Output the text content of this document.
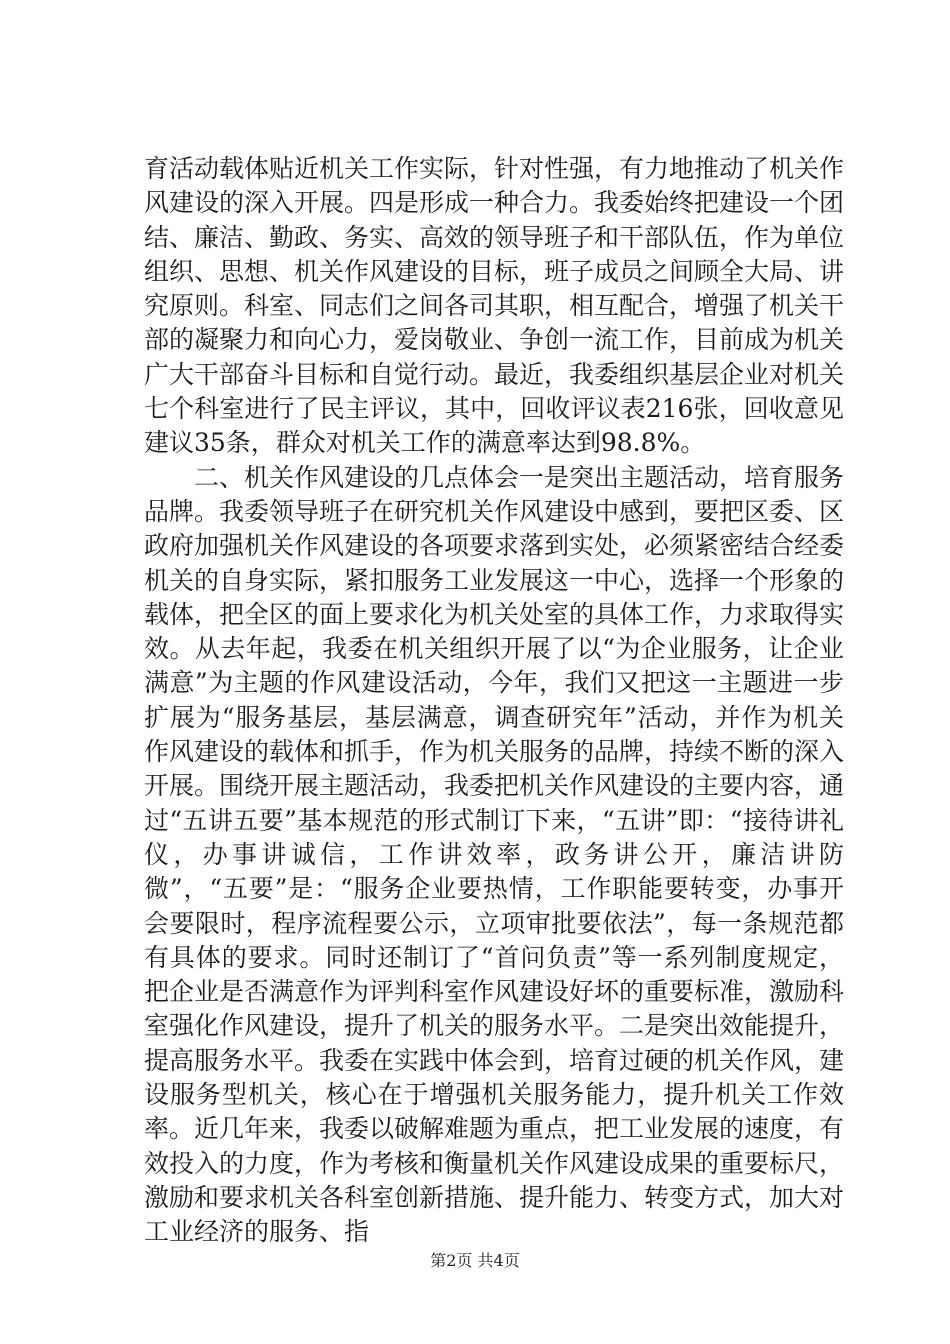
育活动载体贴近机关工作实际，针对性强，有力地推动了机关作风建设的深入开展。四是形成一种合力。我委始终把建设一个团结、廉洁、勤政、务实、高效的领导班子和干部队伍，作为单位组织、思想、机关作风建设的目标，班子成员之间顾全大局、讲究原则。科室、同志们之间各司其职，相互配合，增强了机关干部的凝聚力和向心力，爱岗敬业、争创一流工作，目前成为机关广大干部奋斗目标和自觉行动。最近，我委组织基层企业对机关七个科室进行了民主评议，其中，回收评议表216张，回收意见建议35条，群众对机关工作的满意率达到98.8%。

二、机关作风建设的几点体会一是突出主题活动，培育服务品牌。我委领导班子在研究机关作风建设中感到，要把区委、区政府加强机关作风建设的各项要求落到实处，必须紧密结合经委机关的自身实际，紧扣服务工业发展这一中心，选择一个形象的载体，把全区的面上要求化为机关处室的具体工作，力求取得实效。从去年起，我委在机关组织开展了以“为企业服务，让企业满意”为主题的作风建设活动，今年，我们又把这一主题进一步扩展为“服务基层，基层满意，调查研究年”活动，并作为机关作风建设的载体和抓手，作为机关服务的品牌，持续不断的深入开展。围绕开展主题活动，我委把机关作风建设的主要内容，通过“五讲五要”基本规范的形式制订下来，“五讲”即：“接待讲礼仪，办事讲诚信，工作讲效率，政务讲公开，廉洁讲防微”，“五要”是：“服务企业要热情，工作职能要转变，办事开会要限时，程序流程要公示，立项审批要依法”，每一条规范都有具体的要求。同时还制订了“首问负责”等一系列制度规定，把企业是否满意作为评判科室作风建设好坏的重要标准，激励科室强化作风建设，提升了机关的服务水平。二是突出效能提升，提高服务水平。我委在实践中体会到，培育过硬的机关作风，建设服务型机关，核心在于增强机关服务能力，提升机关工作效率。近几年来，我委以破解难题为重点，把工业发展的速度，有效投入的力度，作为考核和衡量机关作风建设成果的重要标尺，激励和要求机关各科室创新措施、提升能力、转变方式，加大对工业经济的服务、指

第2页 共4页
